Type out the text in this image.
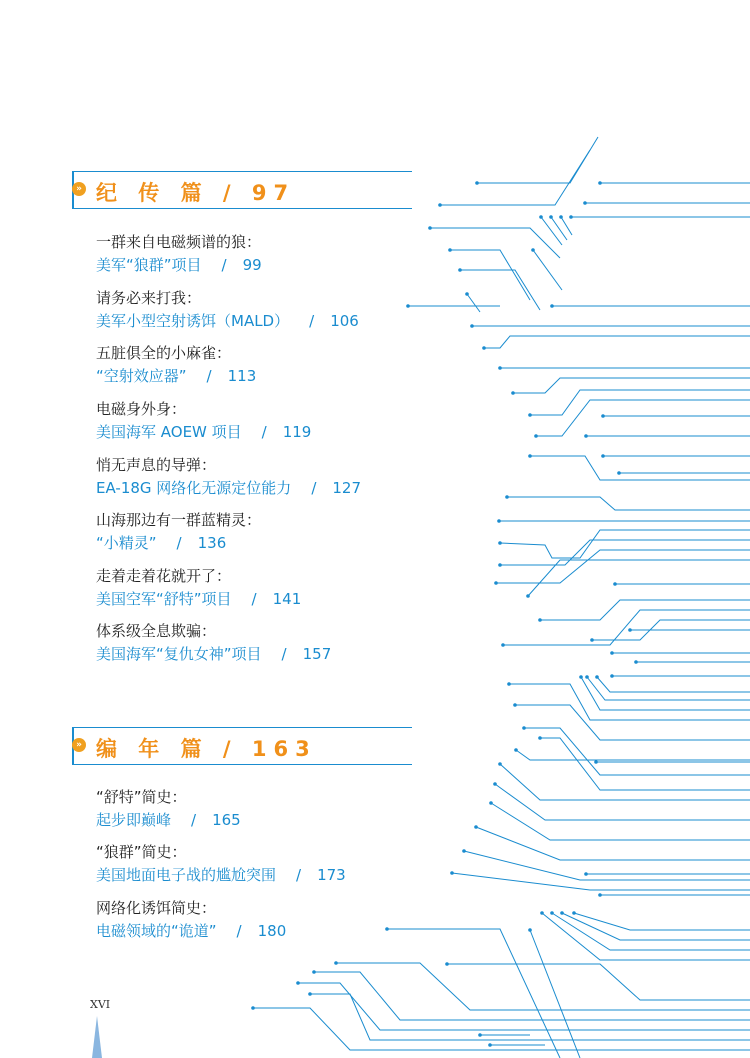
» 纪 传 篇 / 97
一群来自电磁频谱的狼：
美军“狼群”项目 / 99
请务必来打我：
美军小型空射诱饵（MALD） / 106
五脏俱全的小麻雀：
“空射效应器” / 113
电磁身外身：
美国海军 AOEW 项目 / 119
悄无声息的导弹：
EA-18G 网络化无源定位能力 / 127
山海那边有一群蓝精灵：
“小精灵” / 136
走着走着花就开了：
美国空军“舒特”项目 / 141
体系级全息欺骗：
美国海军“复仇女神”项目 / 157
» 编 年 篇 / 163
“舒特”简史：
起步即巅峰 / 165
“狼群”简史：
美国地面电子战的尴尬突围 / 173
网络化诱饵简史：
电磁领域的“诡道” / 180
XVI
